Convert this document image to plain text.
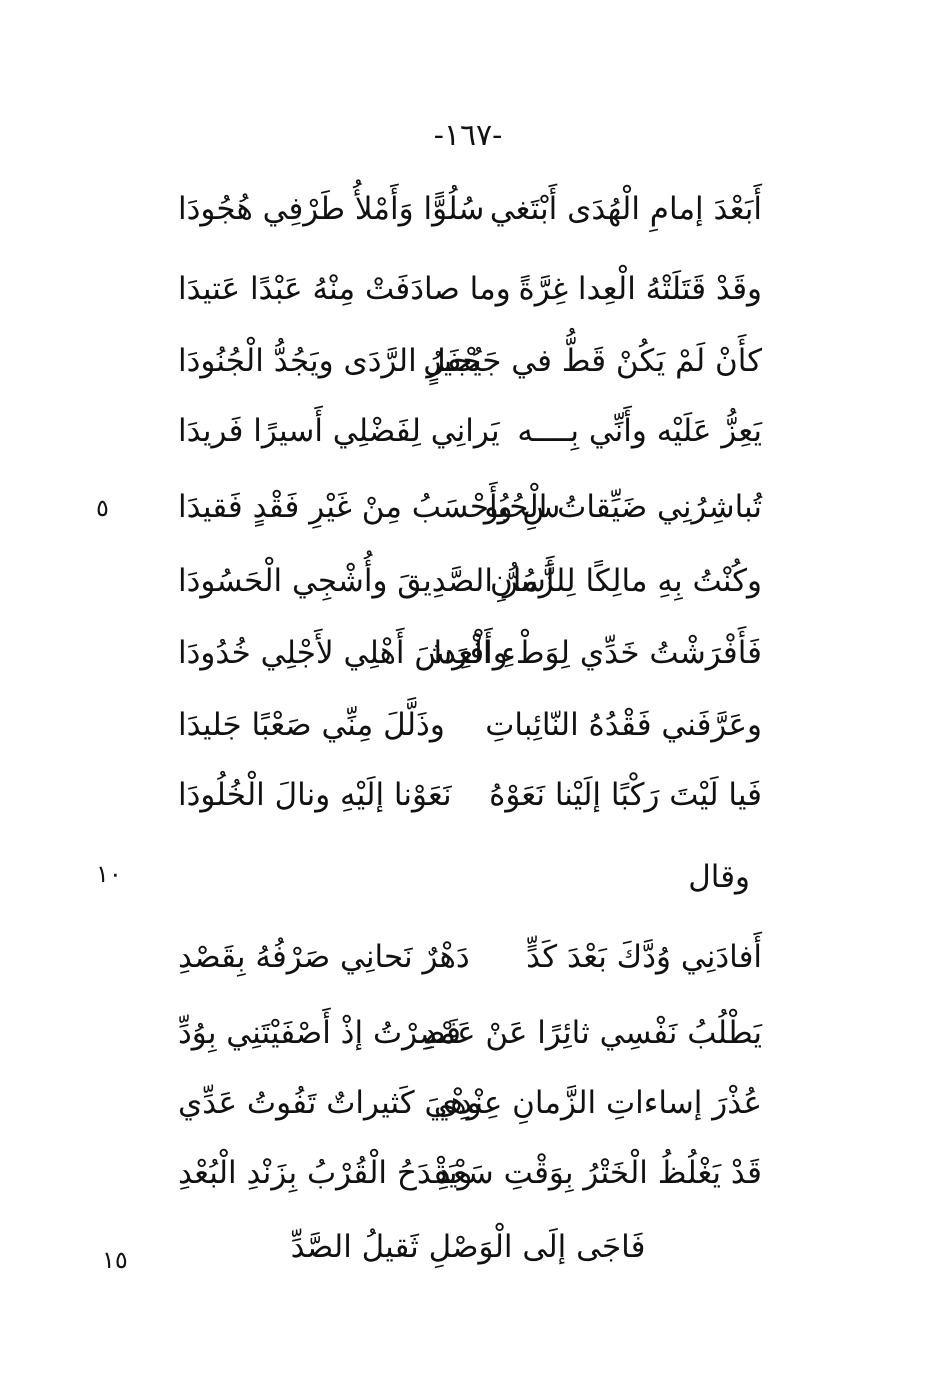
-١٦٧-
أَبَعْدَ إمامِ الْهُدَى أَبْتَغي
سُلُوًّا وَأَمْلأُ طَرْفِي هُجُودَا
وقَدْ قَتَلَتْهُ الْعِدا غِرَّةً
وما صادَفَتْ مِنْهُ عَبْدًا عَتيدَا
كأَنْ لَمْ يَكُنْ قَطُّ في جَحْفَلٍ
يُجيرُ الرَّدَى ويَجُدُّ الْجُنُودَا
يَعِزُّ عَلَيْه وأَنِّي بِــــه
يَرانِي لِفَضْلِي أَسيرًا فَريدَا
تُباشِرُنِي ضَيِّقاتُ الْحُبُو
سِ وأَحْسَبُ مِنْ غَيْرِ فَقْدٍ فَقيدَا
وكُنْتُ بِهِ مالِكًا لِلزَّمانِ
أَسُرُّ الصَّدِيقَ وأُشْجِي الْحَسُودَا
فَأَفْرَشْتُ خَدِّي لِوَطْءِ الْعِدا
وأَفْرَشَ أَهْلِي لأَجْلِي خُدُودَا
وعَرَّفَني فَقْدُهُ النّائِباتِ
وذَلَّلَ مِنِّي صَعْبًا جَليدَا
فَيا لَيْتَ رَكْبًا إلَيْنا نَعَوْهُ
نَعَوْنا إلَيْهِ ونالَ الْخُلُودَا
وقال
أَفادَنِي وُدَّكَ بَعْدَ كَدٍّ
دَهْرٌ نَحانِي صَرْفُهُ بِقَصْدِ
يَطْلُبُ نَفْسِي ثائِرًا عَنْ عَمْدِ
فَصِرْتُ إذْ أَصْفَيْتَنِي بِوُدِّ
عُذْرَ إساءاتِ الزَّمانِ عِنْدِي
وهْيَ كَثيراتٌ تَفُوتُ عَدِّي
قَدْ يَغْلُظُ الْخَتْرُ بِوَقْتِ سَعْدِ
ويَقْدَحُ الْقُرْبُ بِزَنْدِ الْبُعْدِ
فَاجَى إلَى الْوَصْلِ ثَقيلُ الصَّدِّ
٥
١٠
١٥
